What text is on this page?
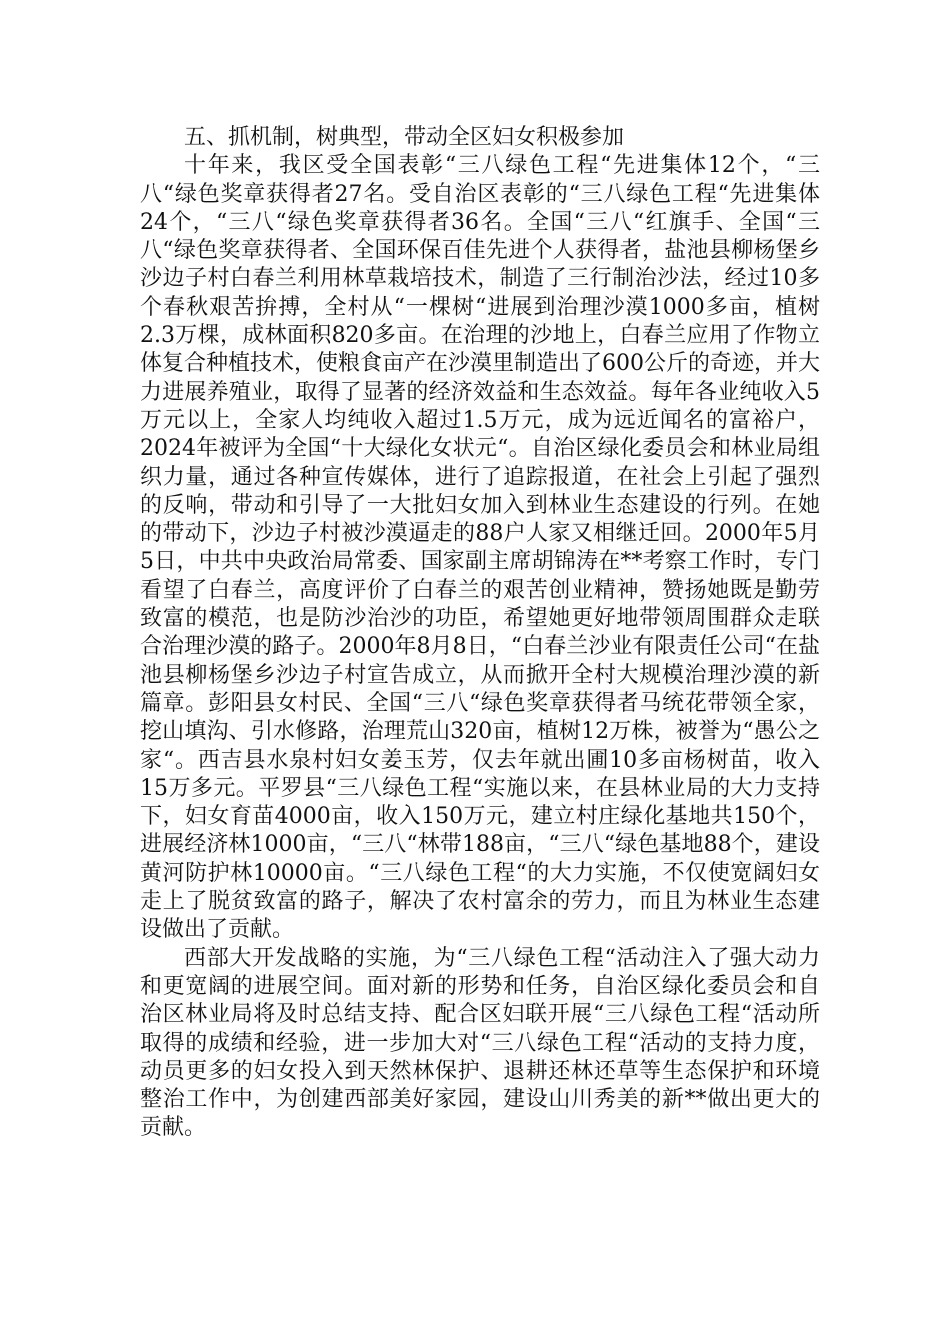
五、抓机制，树典型，带动全区妇女积极参加

十年来，我区受全国表彰“三八绿色工程“先进集体12个，“三八“绿色奖章获得者27名。受自治区表彰的“三八绿色工程“先进集体24个，“三八“绿色奖章获得者36名。全国“三八“红旗手、全国“三八“绿色奖章获得者、全国环保百佳先进个人获得者，盐池县柳杨堡乡沙边子村白春兰利用林草栽培技术，制造了三行制治沙法，经过10多个春秋艰苦拚搏，全村从“一棵树“进展到治理沙漠1000多亩，植树2.3万棵，成林面积820多亩。在治理的沙地上，白春兰应用了作物立体复合种植技术，使粮食亩产在沙漠里制造出了600公斤的奇迹，并大力进展养殖业，取得了显著的经济效益和生态效益。每年各业纯收入5万元以上，全家人均纯收入超过1.5万元，成为远近闻名的富裕户，2024年被评为全国“十大绿化女状元“。自治区绿化委员会和林业局组织力量，通过各种宣传媒体，进行了追踪报道，在社会上引起了强烈的反响，带动和引导了一大批妇女加入到林业生态建设的行列。在她的带动下，沙边子村被沙漠逼走的88户人家又相继迁回。2000年5月5日，中共中央政治局常委、国家副主席胡锦涛在**考察工作时，专门看望了白春兰，高度评价了白春兰的艰苦创业精神，赞扬她既是勤劳致富的模范，也是防沙治沙的功臣，希望她更好地带领周围群众走联合治理沙漠的路子。2000年8月8日，“白春兰沙业有限责任公司“在盐池县柳杨堡乡沙边子村宣告成立，从而掀开全村大规模治理沙漠的新篇章。彭阳县女村民、全国“三八“绿色奖章获得者马统花带领全家，挖山填沟、引水修路，治理荒山320亩，植树12万株，被誉为“愚公之家“。西吉县水泉村妇女姜玉芳，仅去年就出圃10多亩杨树苗，收入15万多元。平罗县“三八绿色工程“实施以来，在县林业局的大力支持下，妇女育苗4000亩，收入150万元，建立村庄绿化基地共150个，进展经济林1000亩，“三八“林带188亩，“三八“绿色基地88个，建设黄河防护林10000亩。“三八绿色工程“的大力实施，不仅使宽阔妇女走上了脱贫致富的路子，解决了农村富余的劳力，而且为林业生态建设做出了贡献。

西部大开发战略的实施，为“三八绿色工程“活动注入了强大动力和更宽阔的进展空间。面对新的形势和任务，自治区绿化委员会和自治区林业局将及时总结支持、配合区妇联开展“三八绿色工程“活动所取得的成绩和经验，进一步加大对“三八绿色工程“活动的支持力度，动员更多的妇女投入到天然林保护、退耕还林还草等生态保护和环境整治工作中，为创建西部美好家园，建设山川秀美的新**做出更大的贡献。
